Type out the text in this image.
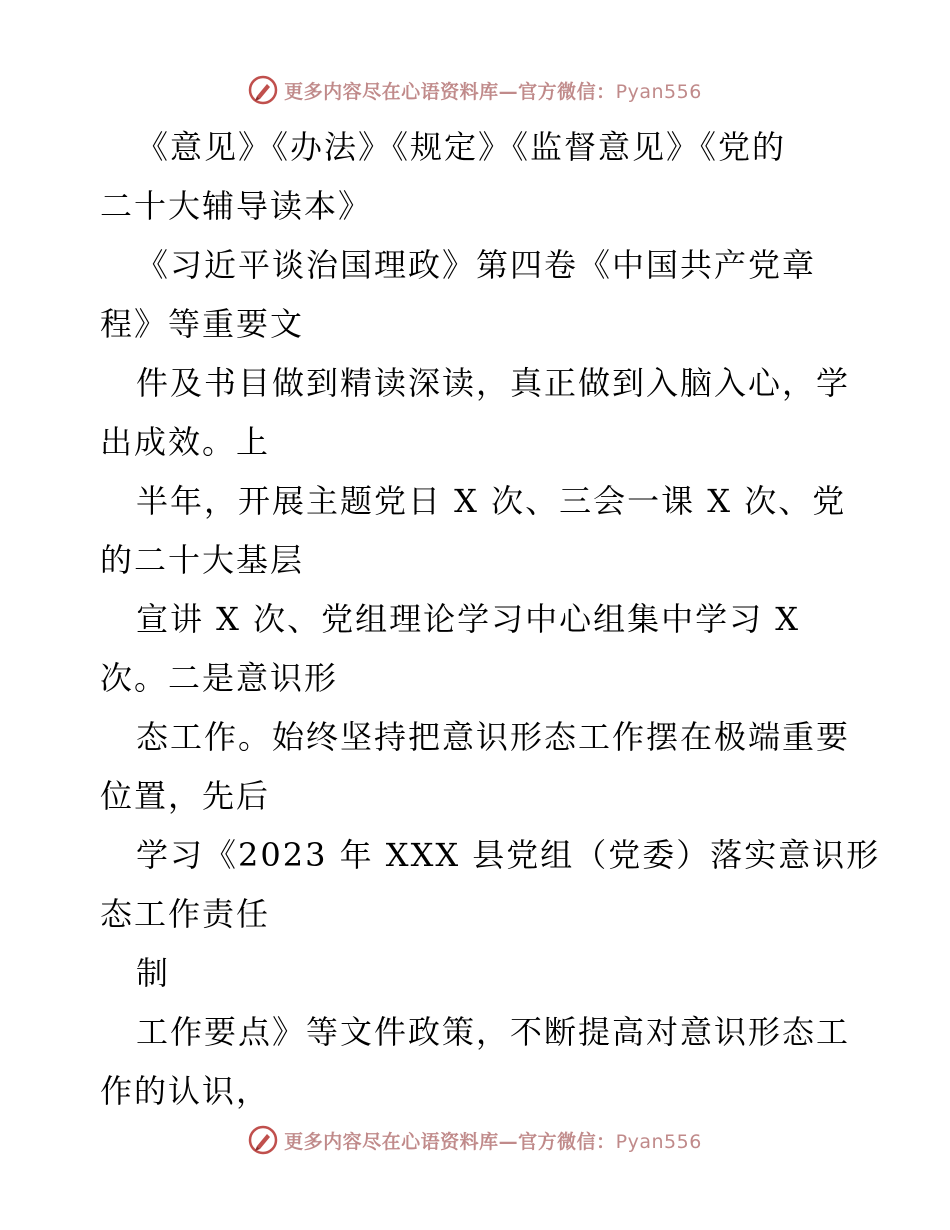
更多内容尽在心语资料库—官方微信：Pyan556
《意见》《办法》《规定》《监督意见》《党的
二十大辅导读本》
《习近平谈治国理政》第四卷《中国共产党章
程》等重要文
件及书目做到精读深读，真正做到入脑入心，学
出成效。上
半年，开展主题党日 X 次、三会一课 X 次、党
的二十大基层
宣讲 X 次、党组理论学习中心组集中学习 X
次。二是意识形
态工作。始终坚持把意识形态工作摆在极端重要
位置，先后
学习《2023 年 XXX 县党组（党委）落实意识形
态工作责任
制
工作要点》等文件政策，不断提高对意识形态工
作的认识，
更多内容尽在心语资料库—官方微信：Pyan556
